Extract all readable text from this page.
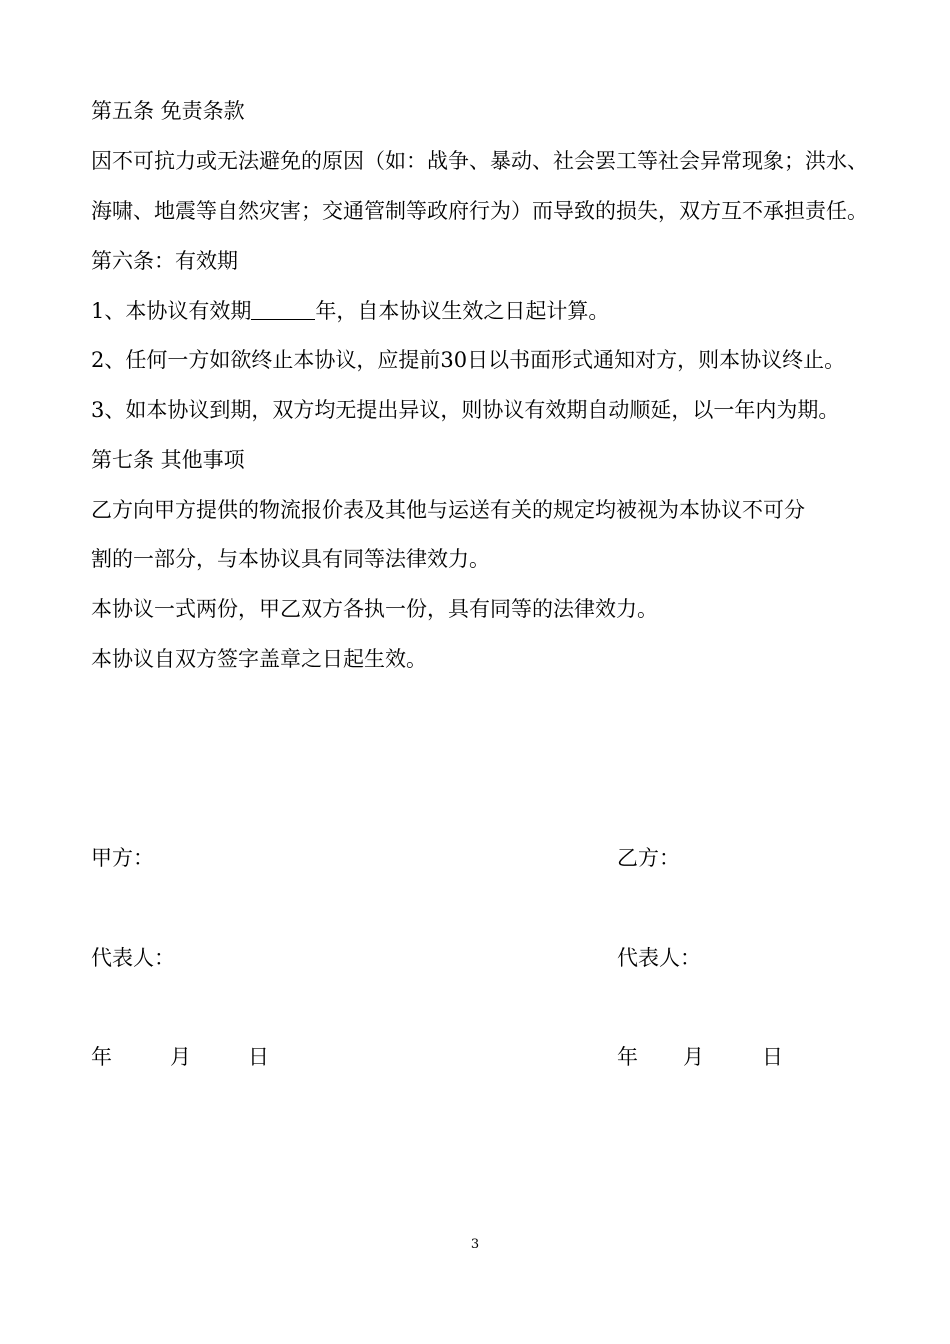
第五条 免责条款
因不可抗力或无法避免的原因（如：战争、暴动、社会罢工等社会异常现象；洪水、
海啸、地震等自然灾害；交通管制等政府行为）而导致的损失，双方互不承担责任。
第六条：有效期
1、本协议有效期	年，自本协议生效之日起计算。
2、任何一方如欲终止本协议，应提前30日以书面形式通知对方，则本协议终止。
3、如本协议到期，双方均无提出异议，则协议有效期自动顺延，以一年内为期。
第七条 其他事项
乙方向甲方提供的物流报价表及其他与运送有关的规定均被视为本协议不可分
割的一部分，与本协议具有同等法律效力。
本协议一式两份，甲乙双方各执一份，具有同等的法律效力。
本协议自双方签字盖章之日起生效。
甲方：
代表人：
年	月	日
乙方：
代表人：
年 月	日
3
